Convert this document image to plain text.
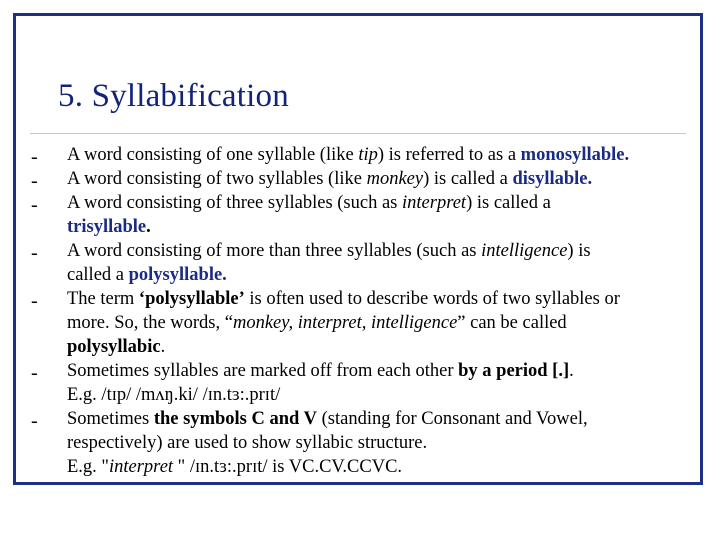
5. Syllabification
-
-
-
-
-
-
-
A word consisting of one syllable (like tip) is referred to as a monosyllable.
A word consisting of two syllables (like monkey) is called a disyllable.
A word consisting of three syllables (such as interpret) is called a
trisyllable.
A word consisting of more than three syllables (such as intelligence) is
called a polysyllable.
The term ‘polysyllable’ is often used to describe words of two syllables or
more. So, the words, “monkey, interpret, intelligence” can be called
polysyllabic.
Sometimes syllables are marked off from each other by a period [.].
E.g. /tɪp/ /mʌŋ.ki/ /ɪn.tɜ:.prɪt/
Sometimes the symbols C and V (standing for Consonant and Vowel,
respectively) are used to show syllabic structure.
E.g. "interpret " /ɪn.tɜ:.prɪt/ is VC.CV.CCVC.
